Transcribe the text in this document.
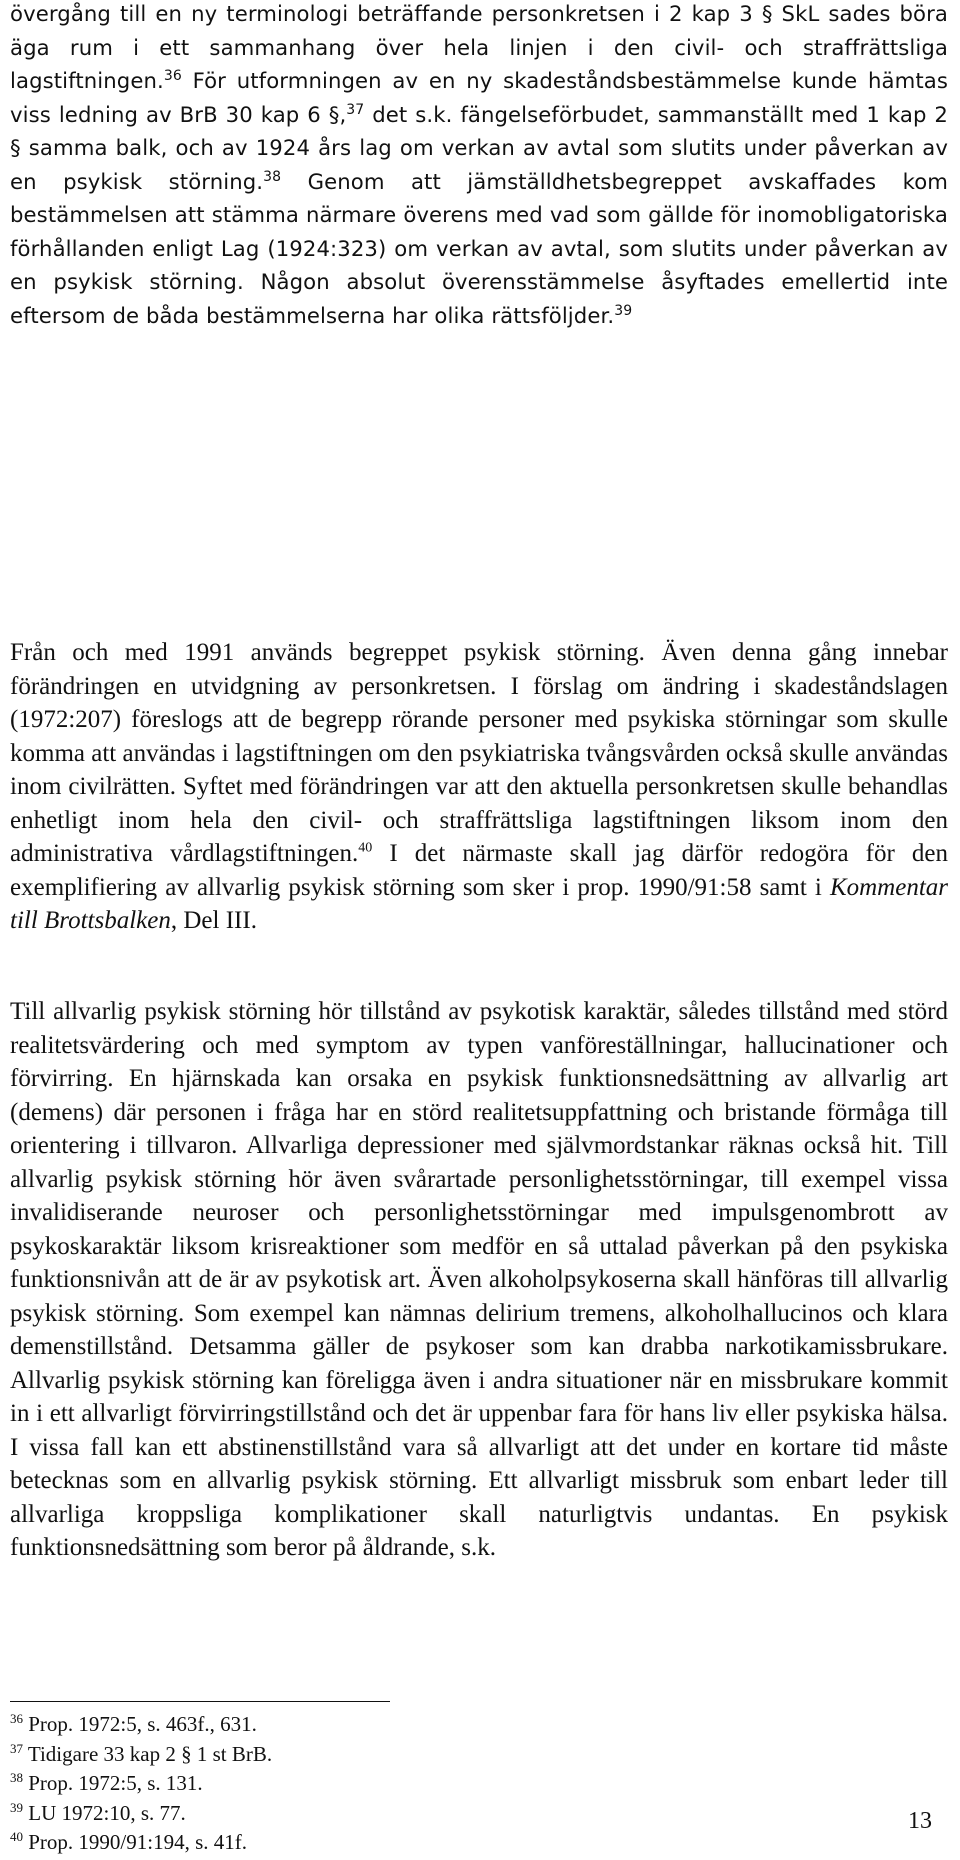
övergång till en ny terminologi beträffande personkretsen i 2 kap 3 § SkL sades böra äga rum i ett sammanhang över hela linjen i den civil- och straffrättsliga lagstiftningen.$^{36}$ För utformningen av en ny skadeståndsbestämmelse kunde hämtas viss ledning av BrB 30 kap 6 §,$^{37}$ det s.k. fängelseförbudet, sammanställt med 1 kap 2 § samma balk, och av 1924 års lag om verkan av avtal som slutits under påverkan av en psykisk störning.$^{38}$ Genom att jämställdhetsbegreppet avskaffades kom bestämmelsen att stämma närmare överens med vad som gällde för inomobligatoriska förhållanden enligt Lag (1924:323) om verkan av avtal, som slutits under påverkan av en psykisk störning. Någon absolut överensstämmelse åsyftades emellertid inte eftersom de båda bestämmelserna har olika rättsföljder.$^{39}$

Från och med 1991 används begreppet psykisk störning. Även denna gång innebar förändringen en utvidgning av personkretsen. I förslag om ändring i skadeståndslagen (1972:207) föreslogs att de begrepp rörande personer med psykiska störningar som skulle komma att användas i lagstiftningen om den psykiatriska tvångsvården också skulle användas inom civilrätten. Syftet med förändringen var att den aktuella personkretsen skulle behandlas enhetligt inom hela den civil- och straffrättsliga lagstiftningen liksom inom den administrativa vårdlagstiftningen.$^{40}$ I det närmaste skall jag därför redogöra för den exemplifiering av allvarlig psykisk störning som sker i prop. 1990/91:58 samt i Kommentar till Brottsbalken, Del III.

Till allvarlig psykisk störning hör tillstånd av psykotisk karaktär, således tillstånd med störd realitetsvärdering och med symptom av typen vanföreställningar, hallucinationer och förvirring. En hjärnskada kan orsaka en psykisk funktionsnedsättning av allvarlig art (demens) där personen i fråga har en störd realitetsuppfattning och bristande förmåga till orientering i tillvaron. Allvarliga depressioner med självmordstankar räknas också hit. Till allvarlig psykisk störning hör även svårartade personlighetsstörningar, till exempel vissa invalidiserande neuroser och personlighetsstörningar med impulsgenombrott av psykoskaraktär liksom krisreaktioner som medför en så uttalad påverkan på den psykiska funktionsnivån att de är av psykotisk art. Även alkoholpsykoserna skall hänföras till allvarlig psykisk störning. Som exempel kan nämnas delirium tremens, alkoholhallucinos och klara demenstillstånd. Detsamma gäller de psykoser som kan drabba narkotikamissbrukare. Allvarlig psykisk störning kan föreligga även i andra situationer när en missbrukare kommit in i ett allvarligt förvirringstillstånd och det är uppenbar fara för hans liv eller psykiska hälsa. I vissa fall kan ett abstinenstillstånd vara så allvarligt att det under en kortare tid måste betecknas som en allvarlig psykisk störning. Ett allvarligt missbruk som enbart leder till allvarliga kroppsliga komplikationer skall naturligtvis undantas. En psykisk funktionsnedsättning som beror på åldrande, s.k.

$^{36}$ Prop. 1972:5, s. 463f., 631.
$^{37}$ Tidigare 33 kap 2 § 1 st BrB.
$^{38}$ Prop. 1972:5, s. 131.
$^{39}$ LU 1972:10, s. 77.
$^{40}$ Prop. 1990/91:194, s. 41f.
13
